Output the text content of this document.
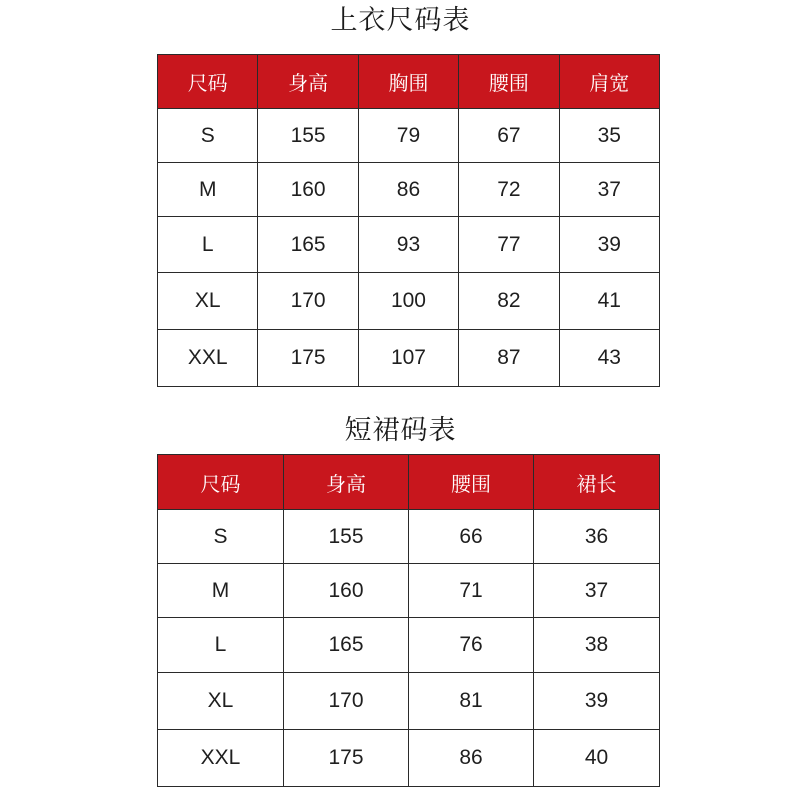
上衣尺码表
尺码	身高	胸围	腰围	肩宽
S	155	79	67	35
M	160	86	72	37
L	165	93	77	39
XL	170	100	82	41
XXL	175	107	87	43
短裙码表
尺码	身高	腰围	裙长
S	155	66	36
M	160	71	37
L	165	76	38
XL	170	81	39
XXL	175	86	40
